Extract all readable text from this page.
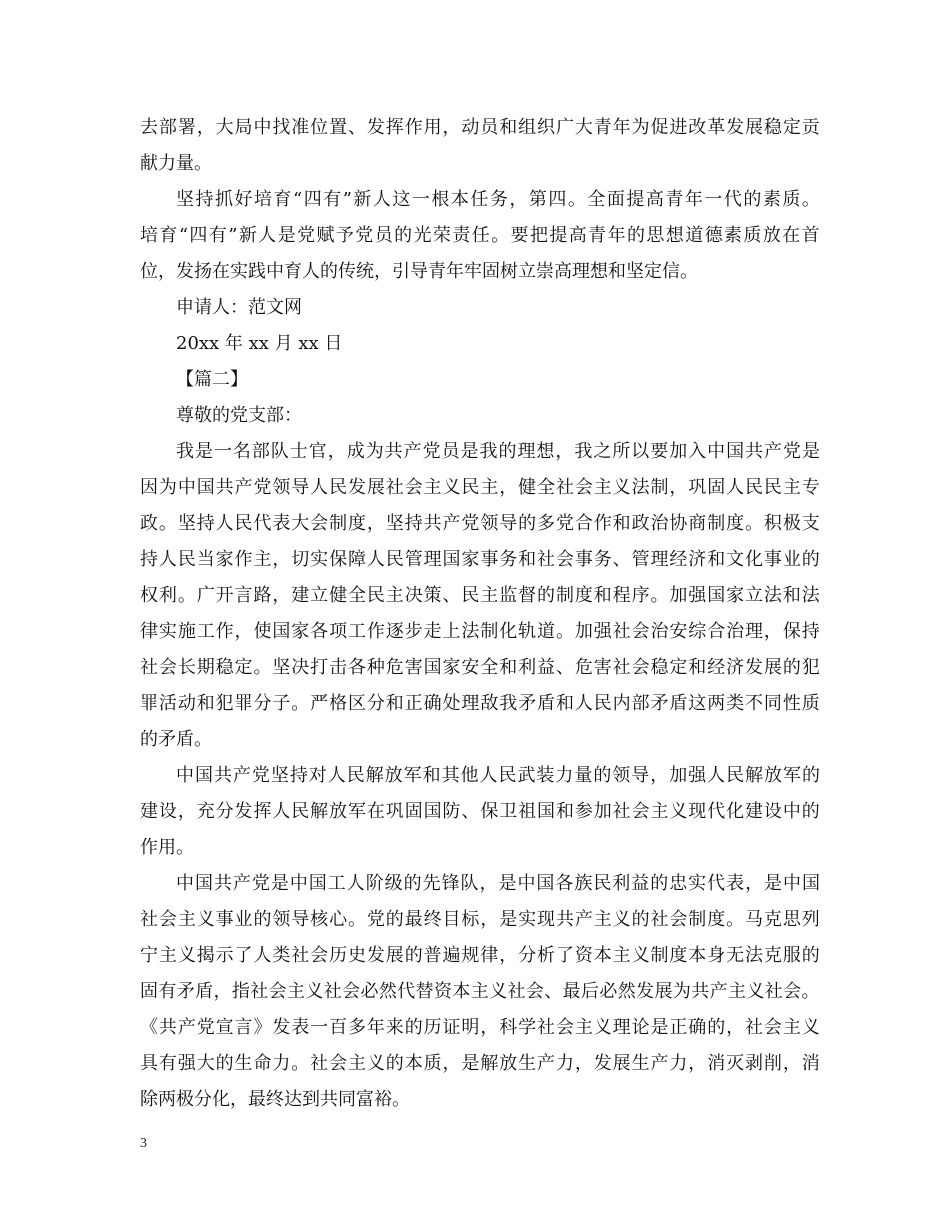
去 部 署 ， 大 局 中 找 准 位 置 、 发 挥 作 用 ， 动 员 和 组 织 广 大 青 年 为 促 进 改 革 发 展 稳 定 贡
献力量。
坚 持 抓 好 培 育 “ 四 有 ” 新 人 这 一 根 本 任 务 ， 第 四 。 全 面 提 高 青 年 一 代 的 素 质 。
培 育 “ 四 有 ” 新 人 是 党 赋 予 党 员 的 光 荣 责 任 。 要 把 提 高 青 年 的 思 想 道 德 素 质 放 在 首
位，发扬在实践中育人的传统，引导青年牢固树立崇高理想和坚定信。
申请人：范文网
20xx 年 xx 月 xx 日
【篇二】
尊敬的党支部：
我 是 一 名 部 队 士 官 ， 成 为 共 产 党 员 是 我 的 理 想 ， 我 之 所 以 要 加 入 中 国 共 产 党 是
因 为 中 国 共 产 党 领 导 人 民 发 展 社 会 主 义 民 主 ， 健 全 社 会 主 义 法 制 ， 巩 固 人 民 民 主 专
政 。 坚 持 人 民 代 表 大 会 制 度 ， 坚 持 共 产 党 领 导 的 多 党 合 作 和 政 治 协 商 制 度 。 积 极 支
持 人 民 当 家 作 主 ， 切 实 保 障 人 民 管 理 国 家 事 务 和 社 会 事 务 、 管 理 经 济 和 文 化 事 业 的
权 利 。 广 开 言 路 ， 建 立 健 全 民 主 决 策 、 民 主 监 督 的 制 度 和 程 序 。 加 强 国 家 立 法 和 法
律 实 施 工 作 ， 使 国 家 各 项 工 作 逐 步 走 上 法 制 化 轨 道 。 加 强 社 会 治 安 综 合 治 理 ， 保 持
社 会 长 期 稳 定 。 坚 决 打 击 各 种 危 害 国 家 安 全 和 利 益 、 危 害 社 会 稳 定 和 经 济 发 展 的 犯
罪 活 动 和 犯 罪 分 子 。 严 格 区 分 和 正 确 处 理 敌 我 矛 盾 和 人 民 内 部 矛 盾 这 两 类 不 同 性 质
的矛盾。
中 国 共 产 党 坚 持 对 人 民 解 放 军 和 其 他 人 民 武 装 力 量 的 领 导 ， 加 强 人 民 解 放 军 的
建 设 ， 充 分 发 挥 人 民 解 放 军 在 巩 固 国 防 、 保 卫 祖 国 和 参 加 社 会 主 义 现 代 化 建 设 中 的
作用。
中 国 共 产 党 是 中 国 工 人 阶 级 的 先 锋 队 ， 是 中 国 各 族 民 利 益 的 忠 实 代 表 ， 是 中 国
社 会 主 义 事 业 的 领 导 核 心 。 党 的 最 终 目 标 ， 是 实 现 共 产 主 义 的 社 会 制 度 。 马 克 思 列
宁 主 义 揭 示 了 人 类 社 会 历 史 发 展 的 普 遍 规 律 ， 分 析 了 资 本 主 义 制 度 本 身 无 法 克 服 的
固 有 矛 盾 ， 指 社 会 主 义 社 会 必 然 代 替 资 本 主 义 社 会 、 最 后 必 然 发 展 为 共 产 主 义 社 会 。
《 共 产 党 宣 言 》 发 表 一 百 多 年 来 的 历 证 明 ， 科 学 社 会 主 义 理 论 是 正 确 的 ， 社 会 主 义
具 有 强 大 的 生 命 力 。 社 会 主 义 的 本 质 ， 是 解 放 生 产 力 ， 发 展 生 产 力 ， 消 灭 剥 削 ， 消
除两极分化，最终达到共同富裕。
3
